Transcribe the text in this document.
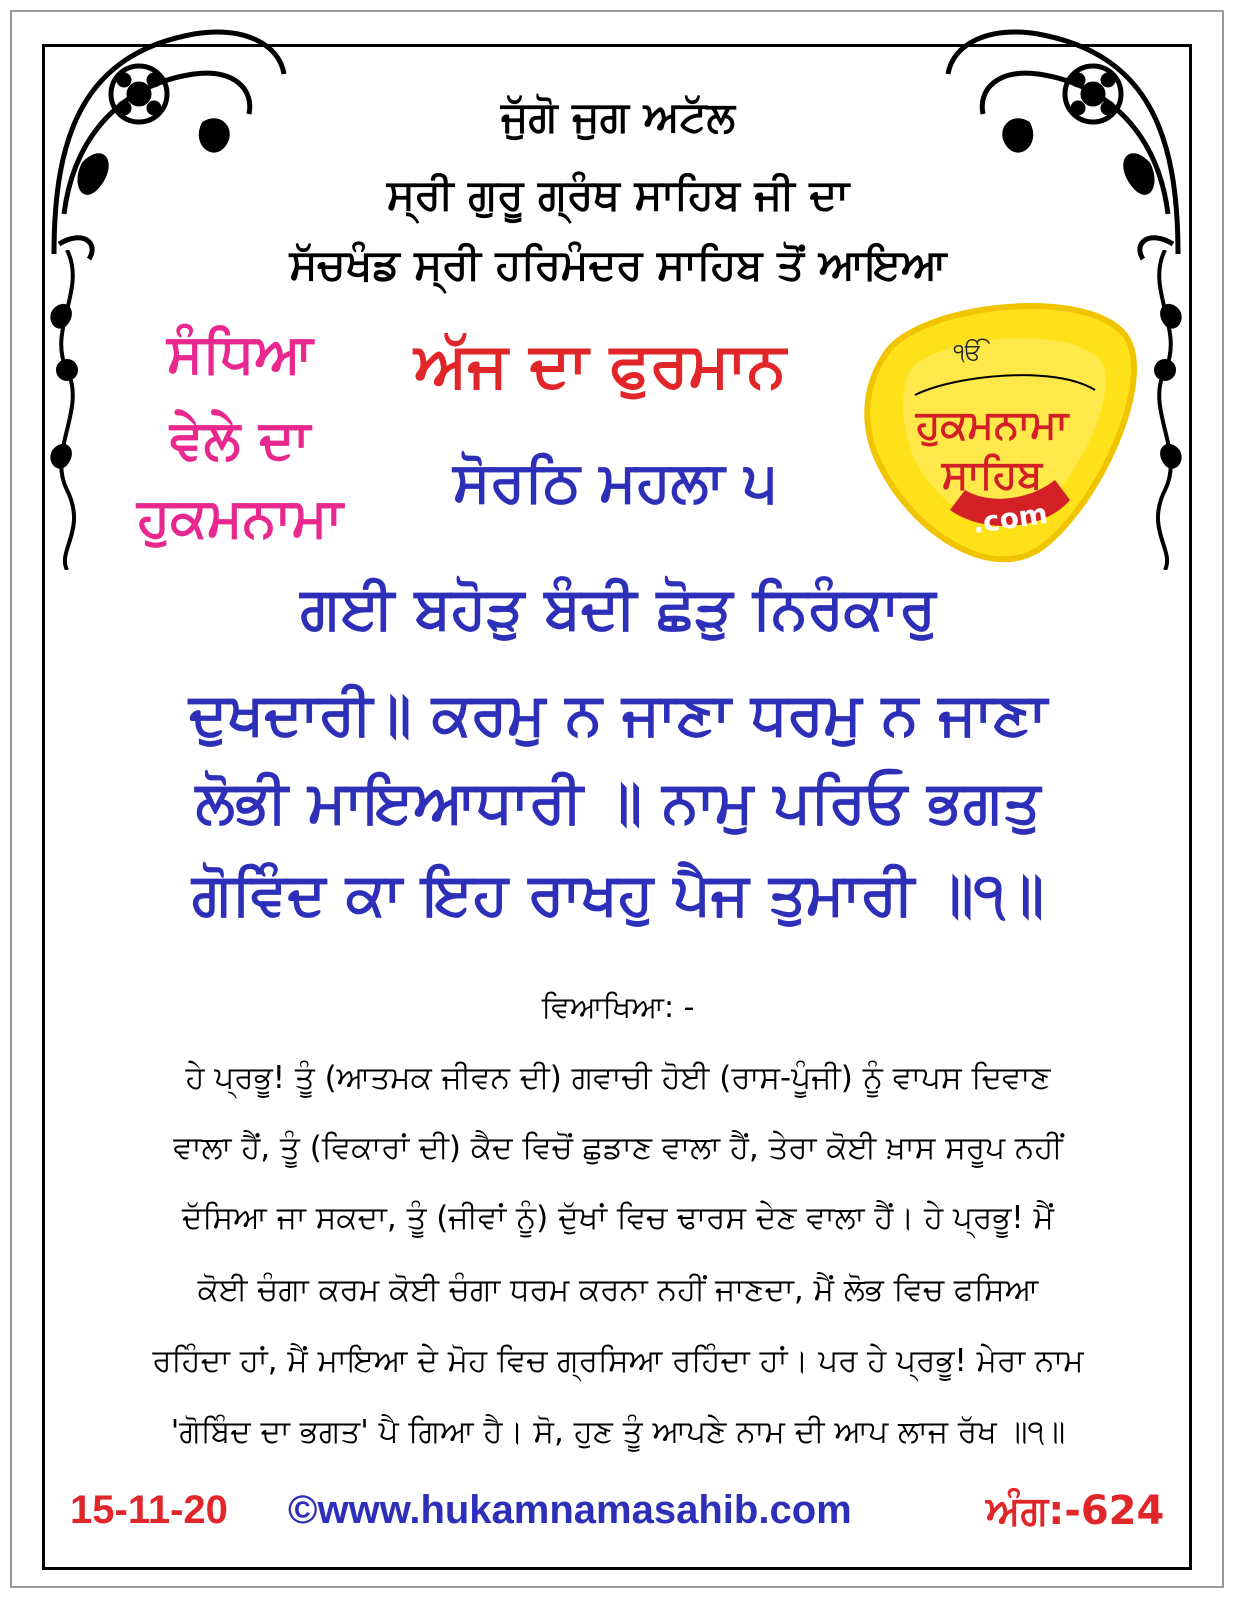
ਜੁੱਗੋ ਜੁਗ ਅਟੱਲ
ਸ੍ਰੀ ਗੁਰੂ ਗ੍ਰੰਥ ਸਾਹਿਬ ਜੀ ਦਾ
ਸੱਚਖੰਡ ਸ੍ਰੀ ਹਰਿਮੰਦਰ ਸਾਹਿਬ ਤੋਂ ਆਇਆ
ਸੰਧਿਆ
ਵੇਲੇ ਦਾ
ਹੁਕਮਨਾਮਾ
ਅੱਜ ਦਾ ਫੁਰਮਾਨ
ਸੋਰਠਿ ਮਹਲਾ ੫
ੴ
ਹੁਕਮਨਾਮਾ
ਸਾਹਿਬ
.com
ਗਈ ਬਹੋੜੁ ਬੰਦੀ ਛੋੜੁ ਨਿਰੰਕਾਰੁ
ਦੁਖਦਾਰੀ॥ ਕਰਮੁ ਨ ਜਾਣਾ ਧਰਮੁ ਨ ਜਾਣਾ
ਲੋਭੀ ਮਾਇਆਧਾਰੀ ॥ ਨਾਮੁ ਪਰਿਓ ਭਗਤੁ
ਗੋਵਿੰਦ ਕਾ ਇਹ ਰਾਖਹੁ ਪੈਜ ਤੁਮਾਰੀ ॥੧॥
ਵਿਆਖਿਆ: -
ਹੇ ਪ੍ਰਭੂ! ਤੂੰ (ਆਤਮਕ ਜੀਵਨ ਦੀ) ਗਵਾਚੀ ਹੋਈ (ਰਾਸ-ਪੂੰਜੀ) ਨੂੰ ਵਾਪਸ ਦਿਵਾਣ
ਵਾਲਾ ਹੈਂ, ਤੂੰ (ਵਿਕਾਰਾਂ ਦੀ) ਕੈਦ ਵਿਚੋਂ ਛੁਡਾਣ ਵਾਲਾ ਹੈਂ, ਤੇਰਾ ਕੋਈ ਖ਼ਾਸ ਸਰੂਪ ਨਹੀਂ
ਦੱਸਿਆ ਜਾ ਸਕਦਾ, ਤੂੰ (ਜੀਵਾਂ ਨੂੰ) ਦੁੱਖਾਂ ਵਿਚ ਢਾਰਸ ਦੇਣ ਵਾਲਾ ਹੈਂ। ਹੇ ਪ੍ਰਭੂ! ਮੈਂ
ਕੋਈ ਚੰਗਾ ਕਰਮ ਕੋਈ ਚੰਗਾ ਧਰਮ ਕਰਨਾ ਨਹੀਂ ਜਾਣਦਾ, ਮੈਂ ਲੋਭ ਵਿਚ ਫਸਿਆ
ਰਹਿੰਦਾ ਹਾਂ, ਮੈਂ ਮਾਇਆ ਦੇ ਮੋਹ ਵਿਚ ਗ੍ਰਸਿਆ ਰਹਿੰਦਾ ਹਾਂ। ਪਰ ਹੇ ਪ੍ਰਭੂ! ਮੇਰਾ ਨਾਮ
'ਗੋਬਿੰਦ ਦਾ ਭਗਤ' ਪੈ ਗਿਆ ਹੈ। ਸੋ, ਹੁਣ ਤੂੰ ਆਪਣੇ ਨਾਮ ਦੀ ਆਪ ਲਾਜ ਰੱਖ ॥੧॥
15-11-20 ©www.hukamnamasahib.com	ਅੰਗ:-624
